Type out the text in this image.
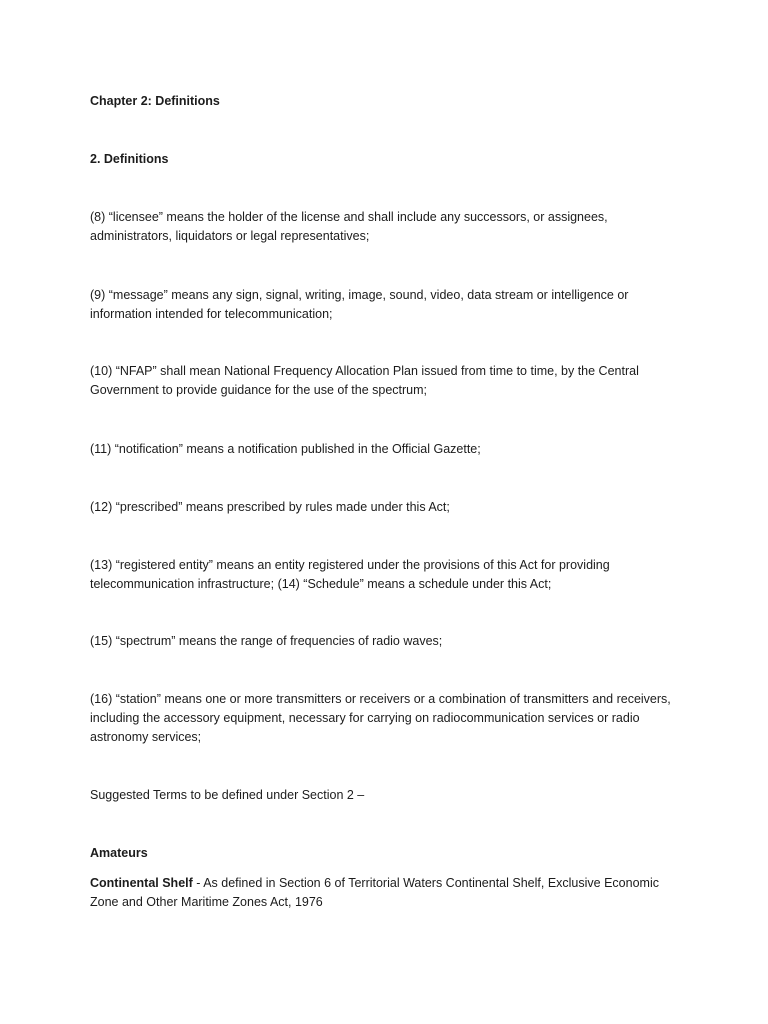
Chapter 2: Definitions

2. Definitions

(8) “licensee” means the holder of the license and shall include any successors, or assignees, administrators, liquidators or legal representatives;

(9) “message” means any sign, signal, writing, image, sound, video, data stream or intelligence or information intended for telecommunication;

(10) “NFAP” shall mean National Frequency Allocation Plan issued from time to time, by the Central Government to provide guidance for the use of the spectrum;

(11) “notification” means a notification published in the Official Gazette;

(12) “prescribed” means prescribed by rules made under this Act;

(13) “registered entity” means an entity registered under the provisions of this Act for providing telecommunication infrastructure; (14) “Schedule” means a schedule under this Act;

(15) “spectrum” means the range of frequencies of radio waves;

(16) “station” means one or more transmitters or receivers or a combination of transmitters and receivers, including the accessory equipment, necessary for carrying on radiocommunication services or radio astronomy services;

Suggested Terms to be defined under Section 2 –

Amateurs

Continental Shelf - As defined in Section 6 of Territorial Waters Continental Shelf, Exclusive Economic Zone and Other Maritime Zones Act, 1976
